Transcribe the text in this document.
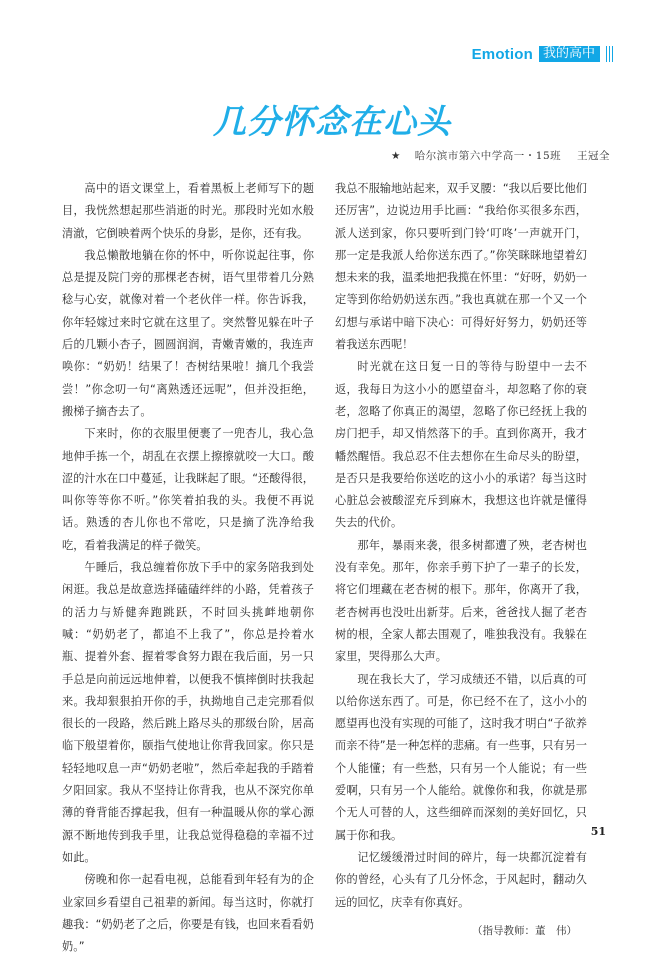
Emotion 我的高中
几分怀念在心头
★ 哈尔滨市第六中学高一・15班 王冠全

高中的语文课堂上，看着黑板上老师写下的题目，我恍然想起那些消逝的时光。那段时光如水般清澈，它倒映着两个快乐的身影，是你，还有我。

我总懒散地躺在你的怀中，听你说起往事，你总是提及院门旁的那棵老杏树，语气里带着几分熟稔与心安，就像对着一个老伙伴一样。你告诉我，你年轻嫁过来时它就在这里了。突然瞥见躲在叶子后的几颗小杏子，圆圆润润，青嫩青嫩的，我连声唤你：“奶奶！结果了！杏树结果啦！摘几个我尝尝！”你念叨一句“离熟透还远呢”，但并没拒绝，搬梯子摘杏去了。

下来时，你的衣服里便裹了一兜杏儿，我心急地伸手拣一个，胡乱在衣摆上擦擦就咬一大口。酸涩的汁水在口中蔓延，让我眯起了眼。“还酸得很，叫你等等你不听。”你笑着拍我的头。我便不再说话。熟透的杏儿你也不常吃，只是摘了洗净给我吃，看着我满足的样子微笑。

午睡后，我总缠着你放下手中的家务陪我到处闲逛。我总是故意选择磕磕绊绊的小路，凭着孩子的活力与矫健奔跑跳跃，不时回头挑衅地朝你喊：“奶奶老了，都追不上我了”，你总是拎着水瓶、提着外套、握着零食努力跟在我后面，另一只手总是向前远远地伸着，以便我不慎摔倒时扶我起来。我却狠狠拍开你的手，执拗地自己走完那看似很长的一段路，然后跳上路尽头的那级台阶，居高临下般望着你，颐指气使地让你背我回家。你只是轻轻地叹息一声“奶奶老啦”，然后牵起我的手踏着夕阳回家。我从不坚持让你背我，也从不深究你单薄的脊背能否撑起我，但有一种温暖从你的掌心源源不断地传到我手里，让我总觉得稳稳的幸福不过如此。

傍晚和你一起看电视，总能看到年轻有为的企业家回乡看望自己祖辈的新闻。每当这时，你就打趣我：“奶奶老了之后，你要是有钱，也回来看看奶奶。”

我总不服输地站起来，双手叉腰：“我以后要比他们还厉害”，边说边用手比画：“我给你买很多东西，派人送到家，你只要听到门铃‘叮咚’一声就开门，那一定是我派人给你送东西了。”你笑眯眯地望着幻想未来的我，温柔地把我揽在怀里：“好呀，奶奶一定等到你给奶奶送东西。”我也真就在那一个又一个幻想与承诺中暗下决心：可得好好努力，奶奶还等着我送东西呢！

时光就在这日复一日的等待与盼望中一去不返，我每日为这小小的愿望奋斗，却忽略了你的衰老，忽略了你真正的渴望，忽略了你已经抚上我的房门把手，却又悄然落下的手。直到你离开，我才幡然醒悟。我总忍不住去想你在生命尽头的盼望，是否只是我要给你送吃的这小小的承诺？每当这时心脏总会被酸涩充斥到麻木，我想这也许就是懂得失去的代价。

那年，暴雨来袭，很多树都遭了殃，老杏树也没有幸免。那年，你亲手剪下护了一辈子的长发，将它们埋藏在老杏树的根下。那年，你离开了我，老杏树再也没吐出新芽。后来，爸爸找人掘了老杏树的根，全家人都去围观了，唯独我没有。我躲在家里，哭得那么大声。

现在我长大了，学习成绩还不错，以后真的可以给你送东西了。可是，你已经不在了，这小小的愿望再也没有实现的可能了，这时我才明白“子欲养而亲不待”是一种怎样的悲痛。有一些事，只有另一个人能懂；有一些愁，只有另一个人能说；有一些爱啊，只有另一个人能给。就像你和我，你就是那个无人可替的人，这些细碎而深刻的美好回忆，只属于你和我。

记忆缓缓滑过时间的碎片，每一块都沉淀着有你的曾经，心头有了几分怀念，于风起时，翻动久远的回忆，庆幸有你真好。

（指导教师：董　伟）

51
